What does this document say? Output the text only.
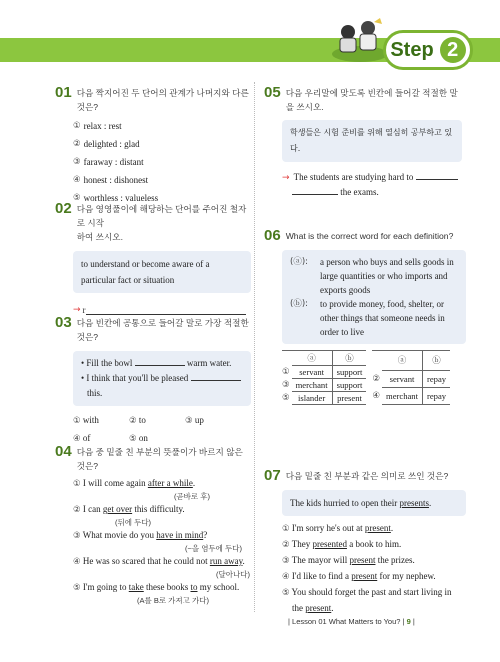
Step 2
01 다음 짝지어진 두 단어의 관계가 나머지와 다른 것은?
① relax : rest
② delighted : glad
③ faraway : distant
④ honest : dishonest
⑤ worthless : valueless
02 다음 영영풀이에 해당하는 단어를 주어진 철자로 시작
하여 쓰시오.
to understand or become aware of a
particular fact or situation
→ r
03 다음 빈칸에 공통으로 들어갈 말로 가장 적절한 것은?
• Fill the bowl	warm water.
• I think that you'll be pleased
this.
① with	② to	③ up
④ of	⑤ on
04 다음 중 밑줄 친 부분의 뜻풀이가 바르지 않은 것은?
① I will come again after a while.
(곧바로 후)
② I can get over this difficulty.
(뒤에 두다)
③ What movie do you have in mind?
(~을 염두에 두다)
④ He was so scared that he could not run away.
(달아나다)
⑤ I'm going to take these books to my school.
(A를 B로 가져고 가다)
05 다음 우리말에 맞도록 빈칸에 들어갈 적절한 말을 쓰시오.
학생들은 시험 준비를 위해 열심히 공부하고 있다.
→ The students are studying hard to
the exams.
06 What is the correct word for each definition?
(ⓐ):	a person who buys and sells goods in
large quantities or who imports and
exports goods
(ⓑ):	to provide money, food, shelter, or
other things that someone needs in
order to live
	ⓐ	ⓑ
①	servant	support
③	merchant	support
⑤	islander	present
	ⓐ	ⓑ
②	servant	repay
④	merchant	repay
07 다음 밑줄 친 부분과 같은 의미로 쓰인 것은?
The kids hurried to open their presents.
① I'm sorry he's out at present.
② They presented a book to him.
③ The mayor will present the prizes.
④ I'd like to find a present for my nephew.
⑤ You should forget the past and start living in
the present.
| Lesson 01 What Matters to You? | 9 |
